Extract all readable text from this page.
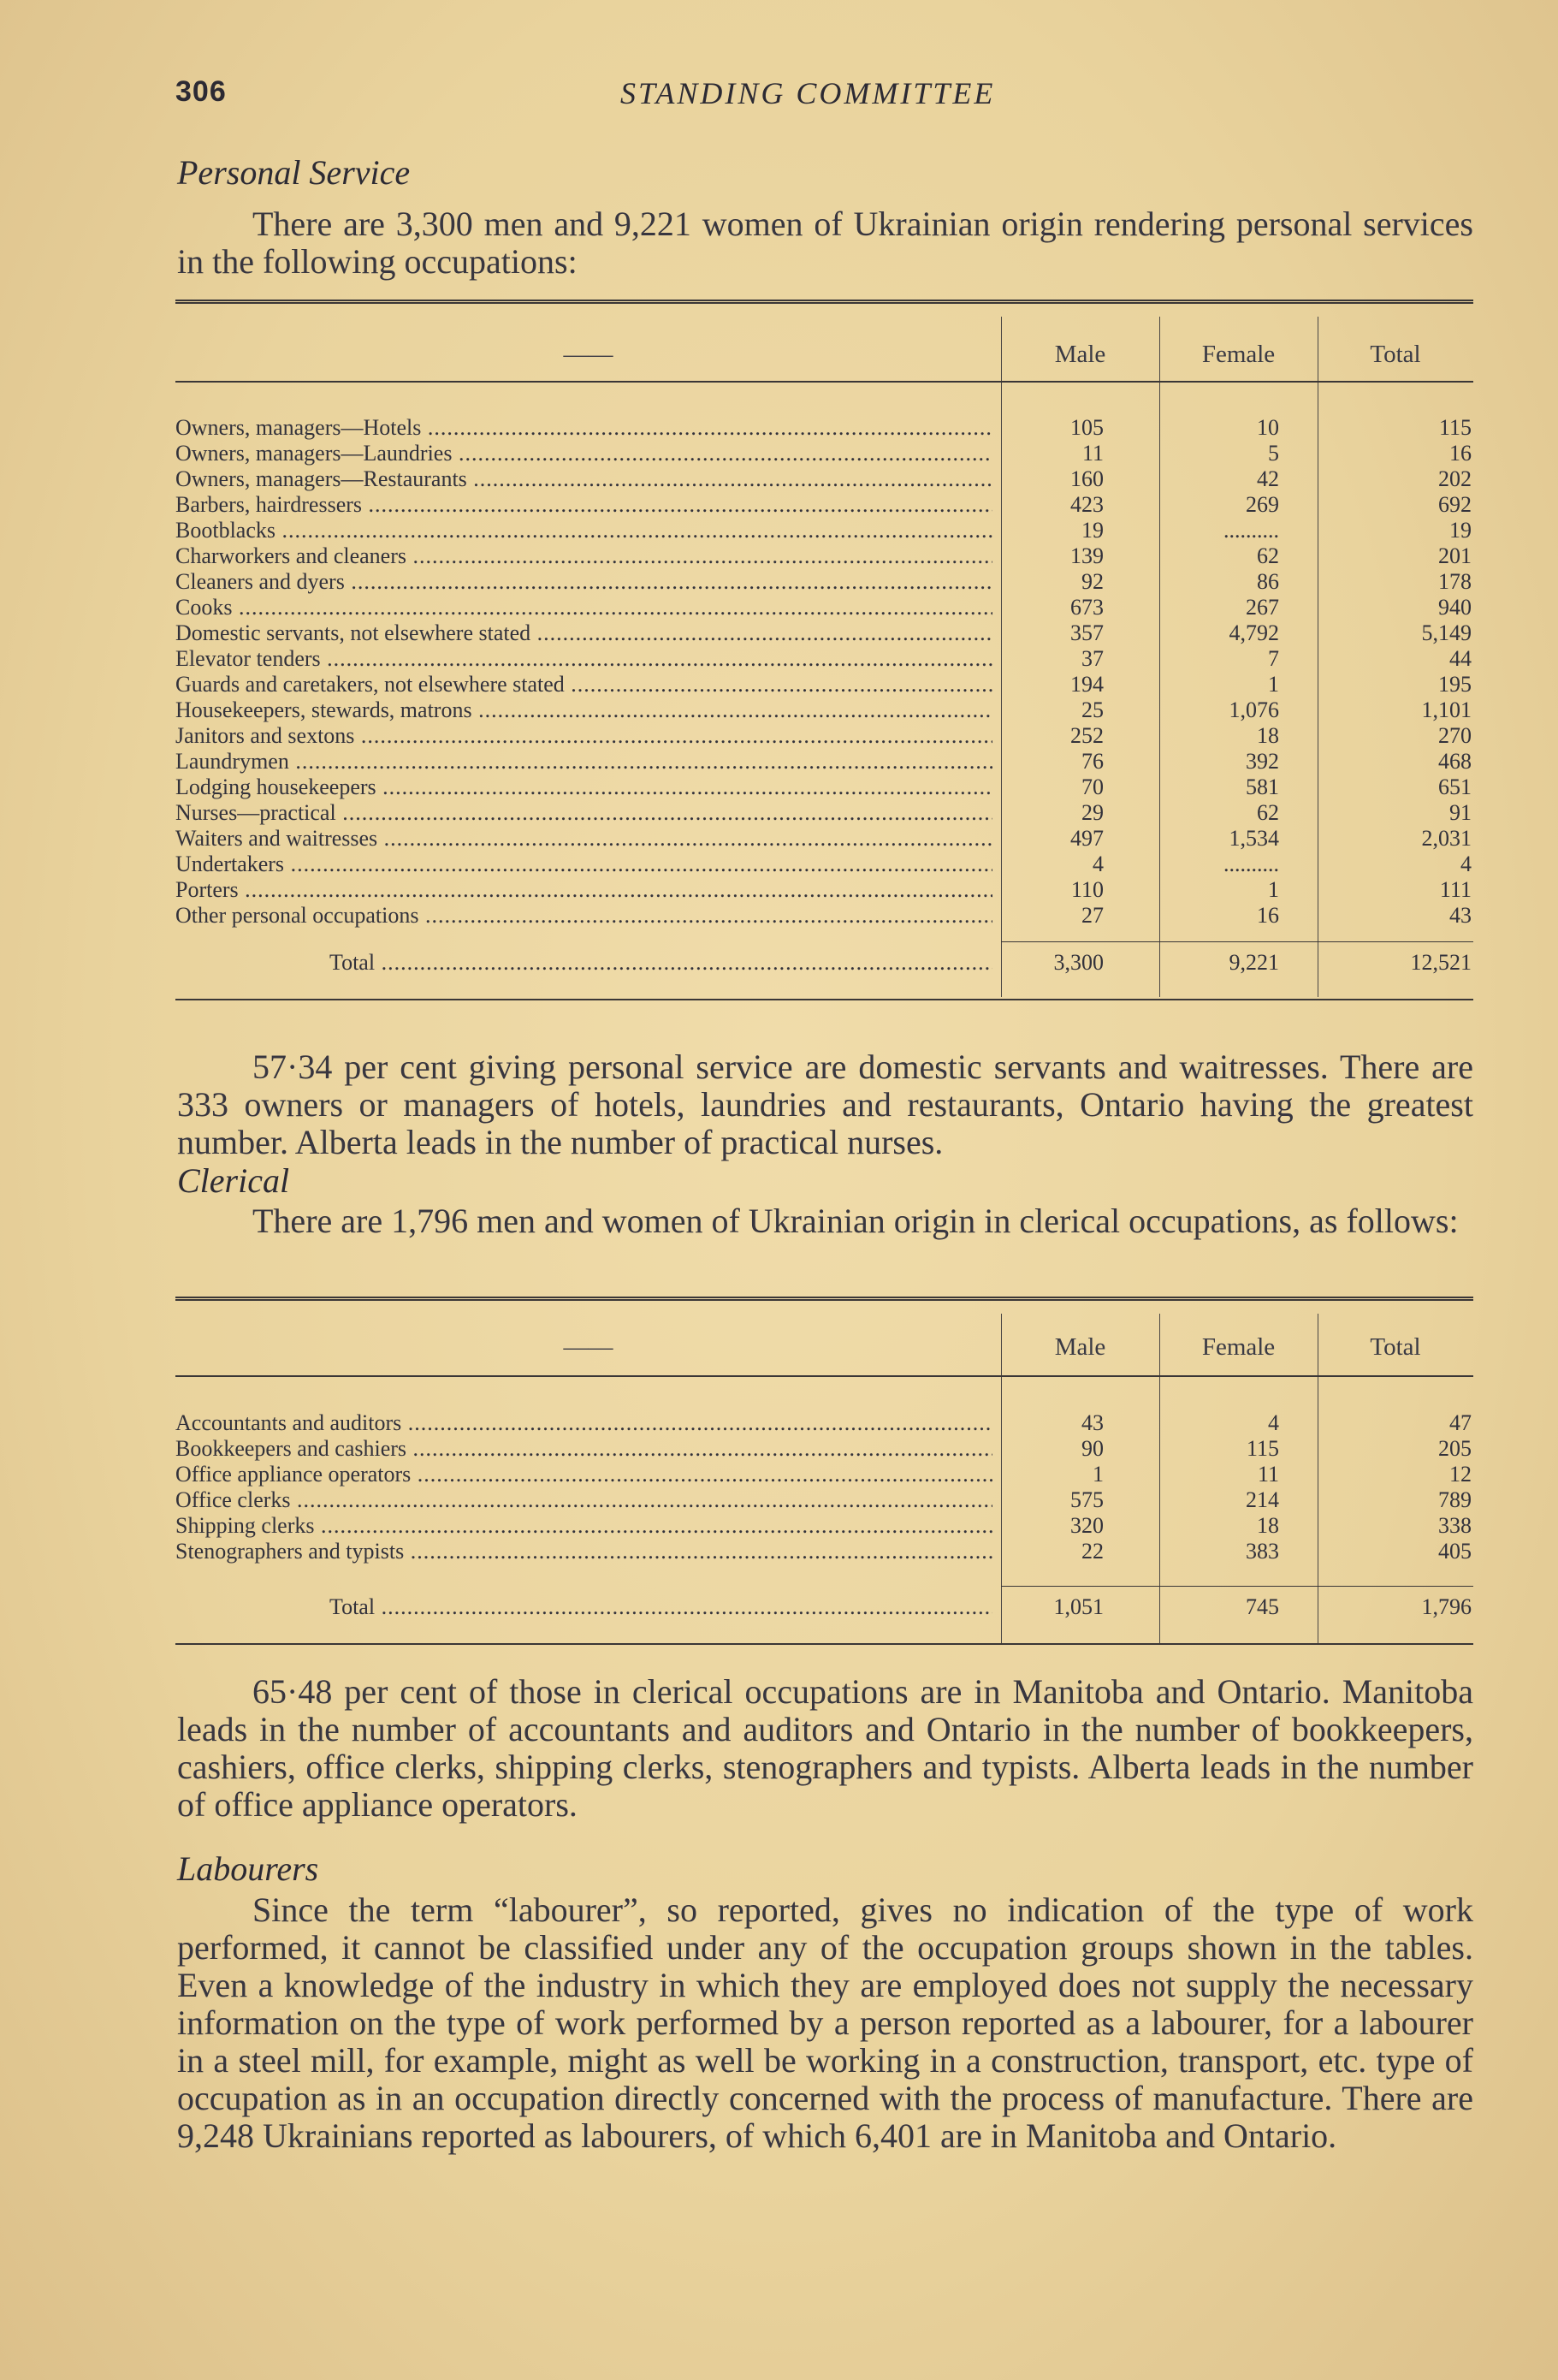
306	STANDING COMMITTEE
Personal Service

There are 3,300 men and 9,221 women of Ukrainian origin rendering personal services in the following occupations:

——	Male	Female	Total
Owners, managers—Hotels .....	105	10	115
Owners, managers—Laundries .....	11	5	16
Owners, managers—Restaurants .....	160	42	202
Barbers, hairdressers .....	423	269	692
Bootblacks .....	19	..........	19
Charworkers and cleaners .....	139	62	201
Cleaners and dyers .....	92	86	178
Cooks .....	673	267	940
Domestic servants, not elsewhere stated .....	357	4,792	5,149
Elevator tenders .....	37	7	44
Guards and caretakers, not elsewhere stated .....	194	1	195
Housekeepers, stewards, matrons .....	25	1,076	1,101
Janitors and sextons .....	252	18	270
Laundrymen .....	76	392	468
Lodging housekeepers .....	70	581	651
Nurses—practical .....	29	62	91
Waiters and waitresses .....	497	1,534	2,031
Undertakers .....	4	..........	4
Porters .....	110	1	111
Other personal occupations .....	27	16	43
Total .....	3,300	9,221	12,521

57·34 per cent giving personal service are domestic servants and waitresses. There are 333 owners or managers of hotels, laundries and restaurants, Ontario having the greatest number. Alberta leads in the number of practical nurses.

Clerical

There are 1,796 men and women of Ukrainian origin in clerical occupations, as follows:

——	Male	Female	Total
Accountants and auditors .....	43	4	47
Bookkeepers and cashiers .....	90	115	205
Office appliance operators .....	1	11	12
Office clerks .....	575	214	789
Shipping clerks .....	320	18	338
Stenographers and typists .....	22	383	405
Total .....	1,051	745	1,796

65·48 per cent of those in clerical occupations are in Manitoba and Ontario. Manitoba leads in the number of accountants and auditors and Ontario in the number of bookkeepers, cashiers, office clerks, shipping clerks, stenographers and typists. Alberta leads in the number of office appliance operators.

Labourers

Since the term “labourer”, so reported, gives no indication of the type of work performed, it cannot be classified under any of the occupation groups shown in the tables. Even a knowledge of the industry in which they are employed does not supply the necessary information on the type of work performed by a person reported as a labourer, for a labourer in a steel mill, for example, might as well be working in a construction, transport, etc. type of occupation as in an occupation directly concerned with the process of manufacture. There are 9,248 Ukrainians reported as labourers, of which 6,401 are in Manitoba and Ontario.
